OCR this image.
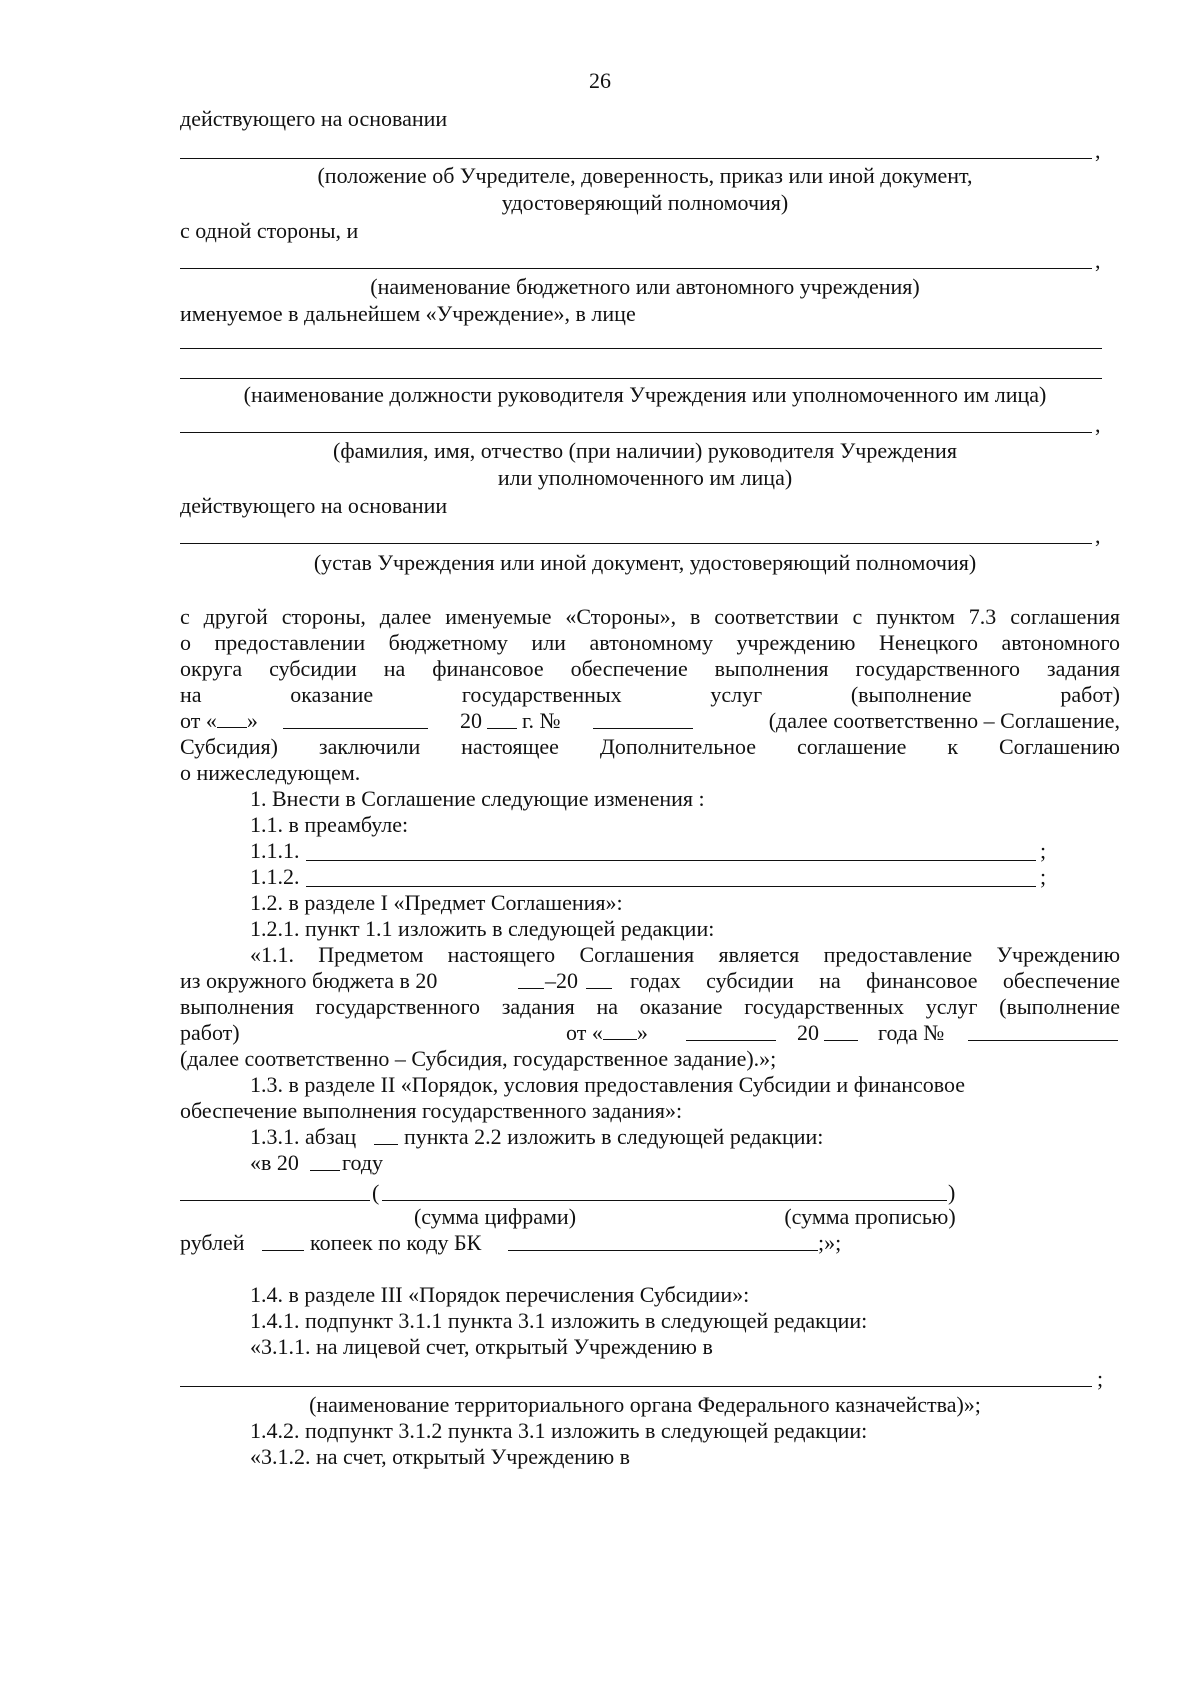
26
действующего на основании
,
(положение об Учредителе, доверенность, приказ или иной документ,
удостоверяющий полномочия)
с одной стороны, и
,
(наименование бюджетного или автономного учреждения)
именуемое в дальнейшем «Учреждение», в лице
(наименование должности руководителя Учреждения или уполномоченного им лица)
,
(фамилия, имя, отчество (при наличии) руководителя Учреждения
или уполномоченного им лица)
действующего на основании
,
(устав Учреждения или иной документ, удостоверяющий полномочия)
с другой стороны, далее именуемые «Стороны», в соответствии с пунктом 7.3 соглашения
о предоставлении бюджетному или автономному учреждению Ненецкого автономного
округа субсидии на финансовое обеспечение выполнения государственного задания
на	оказание	государственных	услуг	(выполнение	работ)
от « »	20 г. №	(далее соответственно – Соглашение,
Субсидия) заключили настоящее Дополнительное соглашение к Соглашению
о нижеследующем.
1. Внести в Соглашение следующие изменения :
1.1. в преамбуле:
1.1.1.	;
1.1.2.	;
1.2. в разделе I «Предмет Соглашения»:
1.2.1. пункт 1.1 изложить в следующей редакции:
«1.1. Предметом настоящего Соглашения является предоставление Учреждению
из окружного бюджета в 20	–20 годах субсидии на финансовое обеспечение
выполнения государственного задания на оказание государственных услуг (выполнение
работ)	от « »	20	года №
(далее соответственно – Субсидия, государственное задание).»;
1.3. в разделе II «Порядок, условия предоставления Субсидии и финансовое
обеспечение выполнения государственного задания»:
1.3.1. абзац пункта 2.2 изложить в следующей редакции:
«в 20 году
(	)
(сумма цифрами)	(сумма прописью)
рублей	копеек по коду БК	;»;
1.4. в разделе III «Порядок перечисления Субсидии»:
1.4.1. подпункт 3.1.1 пункта 3.1 изложить в следующей редакции:
«3.1.1. на лицевой счет, открытый Учреждению в
;
(наименование территориального органа Федерального казначейства)»;
1.4.2. подпункт 3.1.2 пункта 3.1 изложить в следующей редакции:
«3.1.2. на счет, открытый Учреждению в
